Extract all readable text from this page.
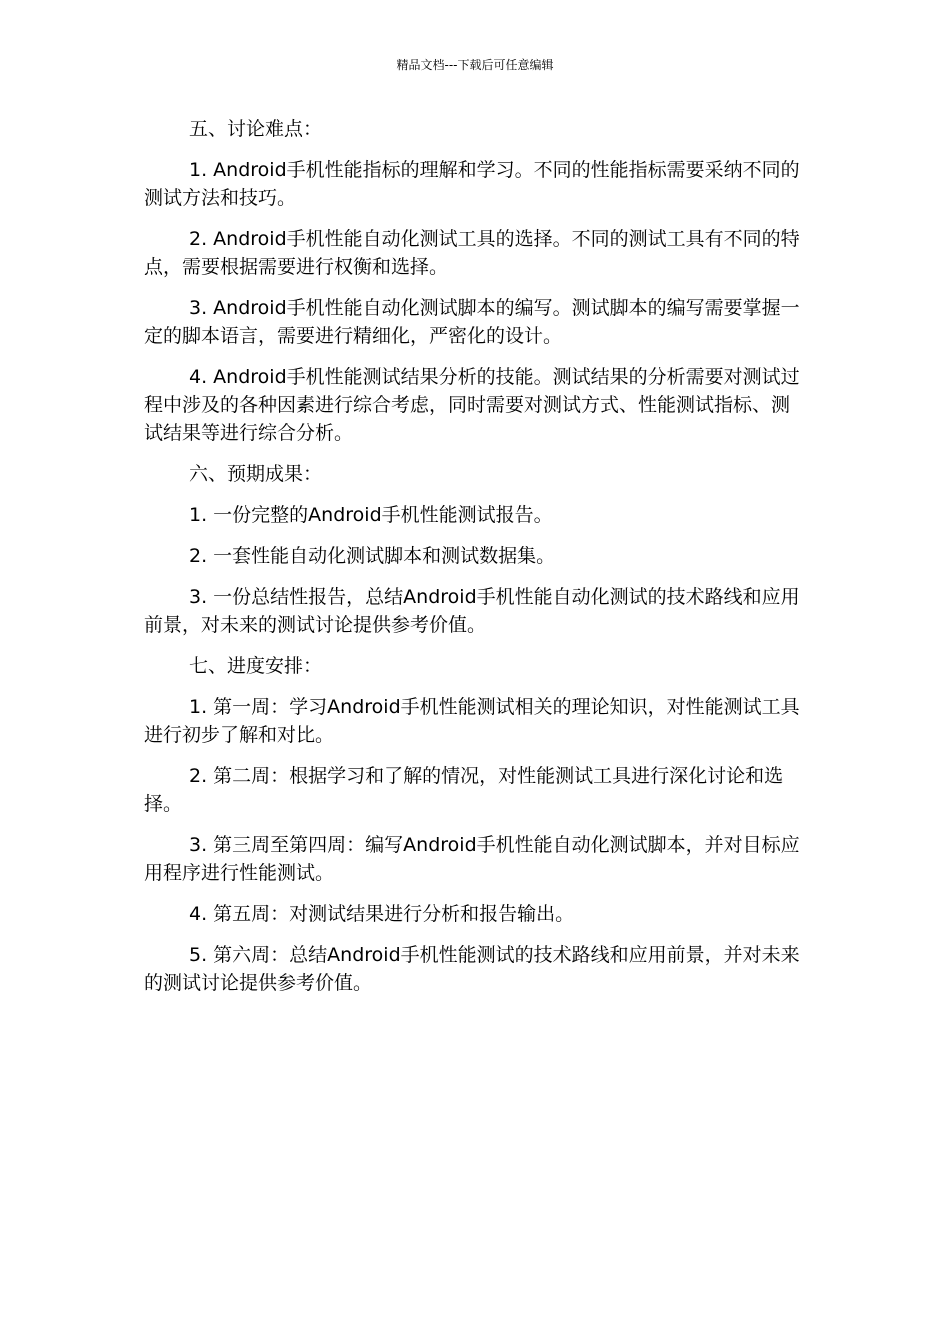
精品文档---下载后可任意编辑

五、讨论难点：

1. Android手机性能指标的理解和学习。不同的性能指标需要采纳不同的测试方法和技巧。

2. Android手机性能自动化测试工具的选择。不同的测试工具有不同的特点，需要根据需要进行权衡和选择。

3. Android手机性能自动化测试脚本的编写。测试脚本的编写需要掌握一定的脚本语言，需要进行精细化，严密化的设计。

4. Android手机性能测试结果分析的技能。测试结果的分析需要对测试过程中涉及的各种因素进行综合考虑，同时需要对测试方式、性能测试指标、测试结果等进行综合分析。

六、预期成果：

1. 一份完整的Android手机性能测试报告。

2. 一套性能自动化测试脚本和测试数据集。

3. 一份总结性报告，总结Android手机性能自动化测试的技术路线和应用前景，对未来的测试讨论提供参考价值。

七、进度安排：

1. 第一周：学习Android手机性能测试相关的理论知识，对性能测试工具进行初步了解和对比。

2. 第二周：根据学习和了解的情况，对性能测试工具进行深化讨论和选择。

3. 第三周至第四周：编写Android手机性能自动化测试脚本，并对目标应用程序进行性能测试。

4. 第五周：对测试结果进行分析和报告输出。

5. 第六周：总结Android手机性能测试的技术路线和应用前景，并对未来的测试讨论提供参考价值。
